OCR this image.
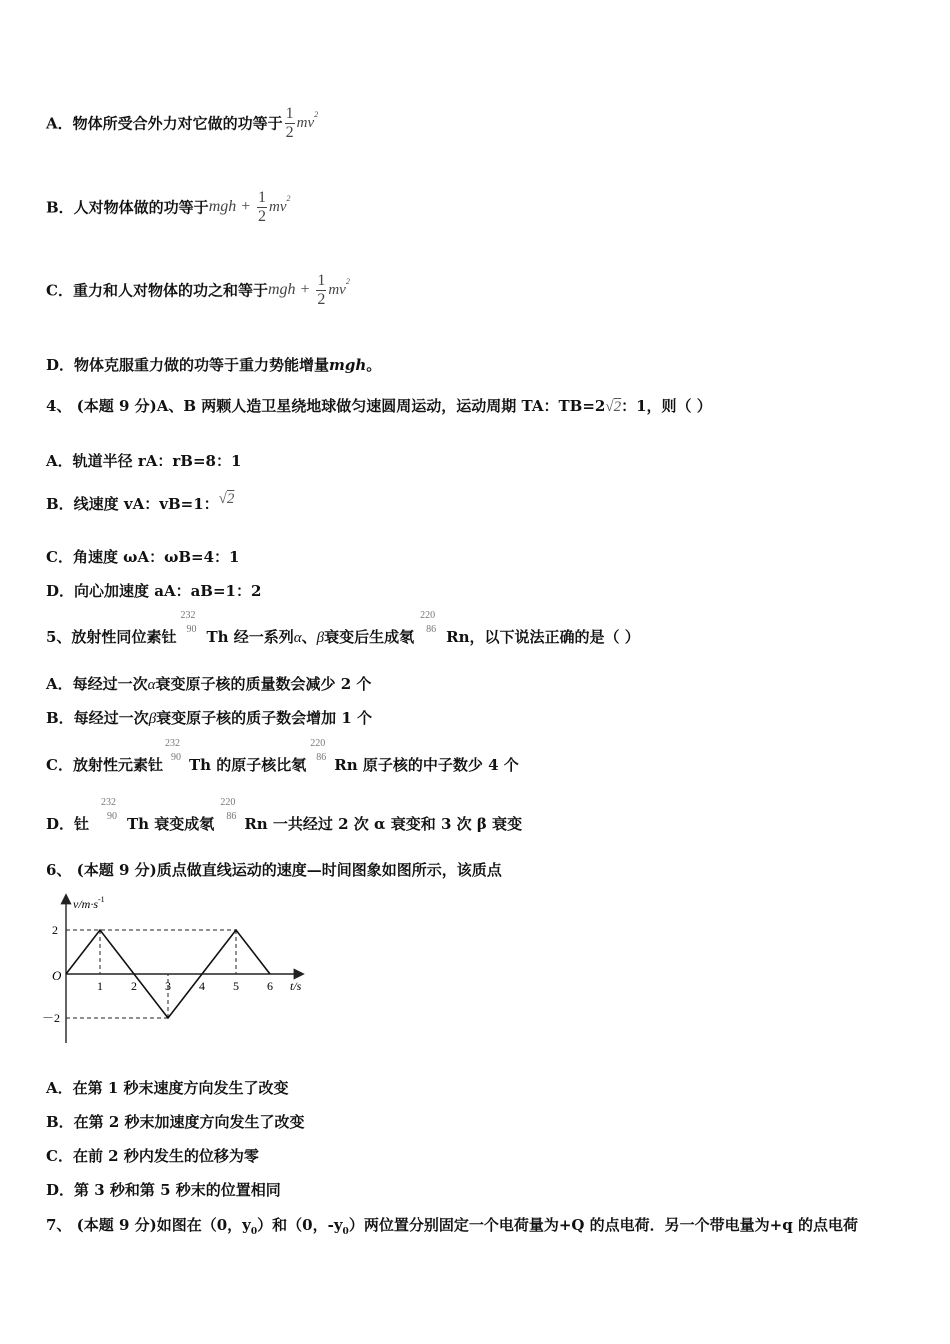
A．物体所受合外力对它做的功等于 $\frac{1}{2} mv^2$
B．人对物体做的功等于mgh + $\frac{1}{2} mv^2$
C．重力和人对物体的功之和等于mgh + $\frac{1}{2} mv^2$
D．物体克服重力做的功等于重力势能增量mgh。
4、 (本题 9 分)A、B 两颗人造卫星绕地球做匀速圆周运动，运动周期 TA：TB=2√2：1，则（ ）
A．轨道半径 rA：rB=8：1
B．线速度 vA：vB=1：√2
C．角速度 ωA：ωB=4：1
D．向心加速度 aA：aB=1：2
5、放射性同位素钍
232
90 Th 经一系列α、β衰变后生成氡
220
86 Rn，以下说法正确的是（ ）
A．每经过一次α衰变原子核的质量数会减少 2 个
B．每经过一次β衰变原子核的质子数会增加 1 个
C．放射性元素钍
232
90 Th 的原子核比氡
220
86 Rn 原子核的中子数少 4 个
D．钍
232
90 Th 衰变成氡
220
86 Rn 一共经过 2 次 α 衰变和 3 次 β 衰变
6、 (本题 9 分)质点做直线运动的速度—时间图象如图所示，该质点
1 2 3 4 5 6
2
－2
$v/m\cdot s^{-1}$
t/s
O
A．在第 1 秒末速度方向发生了改变
B．在第 2 秒末加速度方向发生了改变
C．在前 2 秒内发生的位移为零
D．第 3 秒和第 5 秒末的位置相同
7、 (本题 9 分)如图在（0，$y_0$）和（0，$-y_0$）两位置分别固定一个电荷量为+Q 的点电荷．另一个带电量为+q 的点电荷
